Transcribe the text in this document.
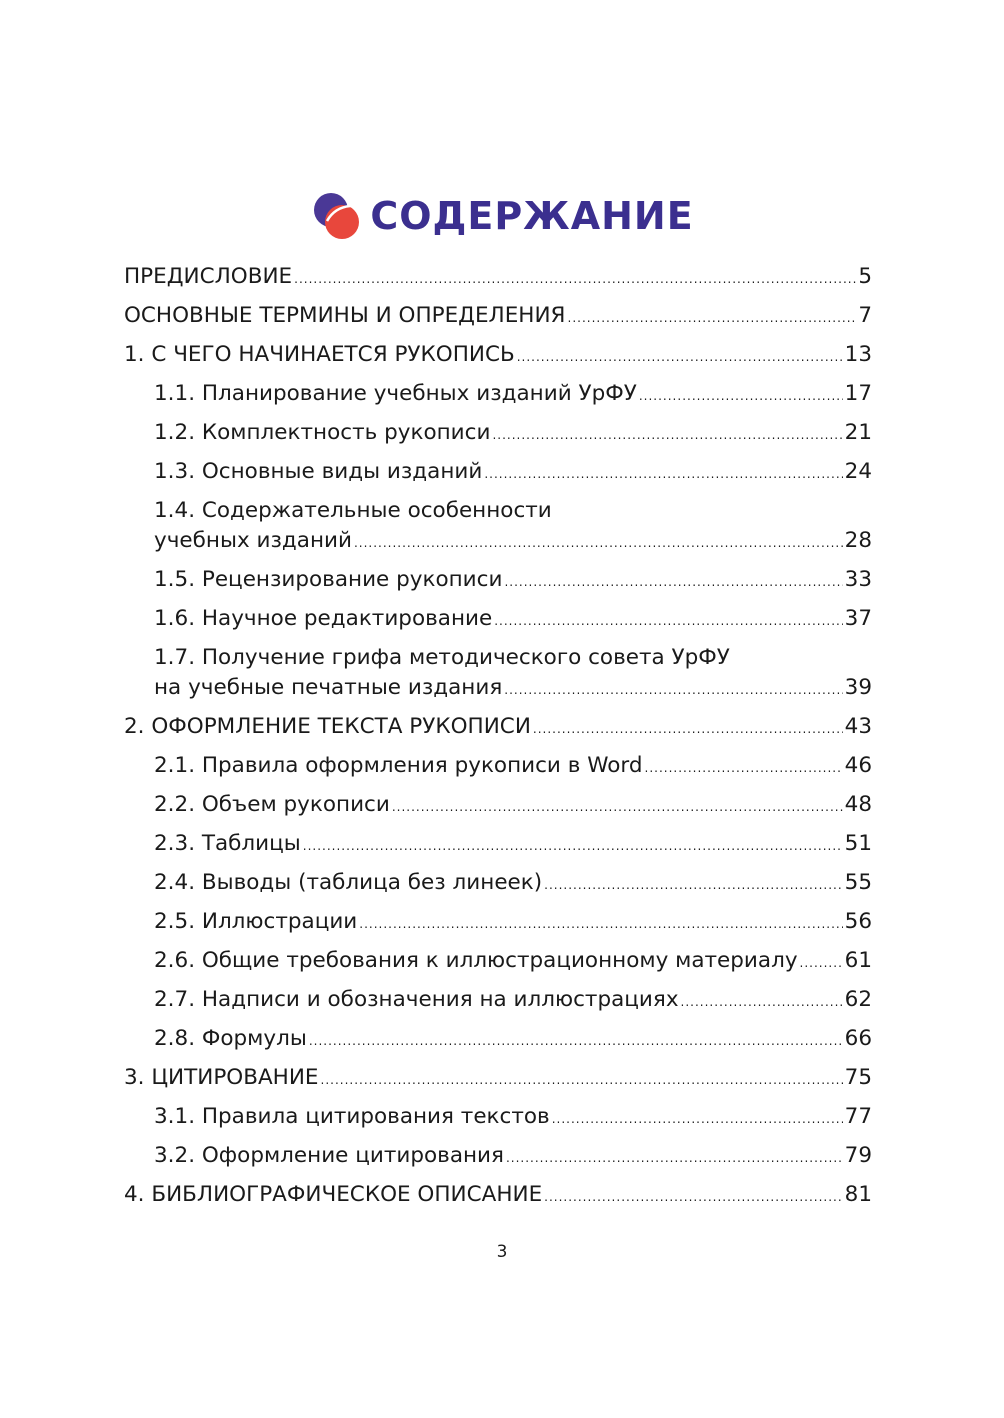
СОДЕРЖАНИЕ
ПРЕДИСЛОВИЕ .....	5
ОСНОВНЫЕ ТЕРМИНЫ И ОПРЕДЕЛЕНИЯ .....	7
1. С ЧЕГО НАЧИНАЕТСЯ РУКОПИСЬ .....	13
1.1. Планирование учебных изданий УрФУ .....	17
1.2. Комплектность рукописи .....	21
1.3. Основные виды изданий .....	24
1.4. Содержательные особенности
учебных изданий .....	28
1.5. Рецензирование рукописи .....	33
1.6. Научное редактирование .....	37
1.7. Получение грифа методического совета УрФУ
на учебные печатные издания .....	39
2. ОФОРМЛЕНИЕ ТЕКСТА РУКОПИСИ .....	43
2.1. Правила оформления рукописи в Word .....	46
2.2. Объем рукописи .....	48
2.3. Таблицы .....	51
2.4. Выводы (таблица без линеек) .....	55
2.5. Иллюстрации .....	56
2.6. Общие требования к иллюстрационному материалу ..... 61
2.7. Надписи и обозначения на иллюстрациях .....	62
2.8. Формулы .....	66
3. ЦИТИРОВАНИЕ .....	75
3.1. Правила цитирования текстов .....	77
3.2. Оформление цитирования .....	79
4. БИБЛИОГРАФИЧЕСКОЕ ОПИСАНИЕ .....	81
3
